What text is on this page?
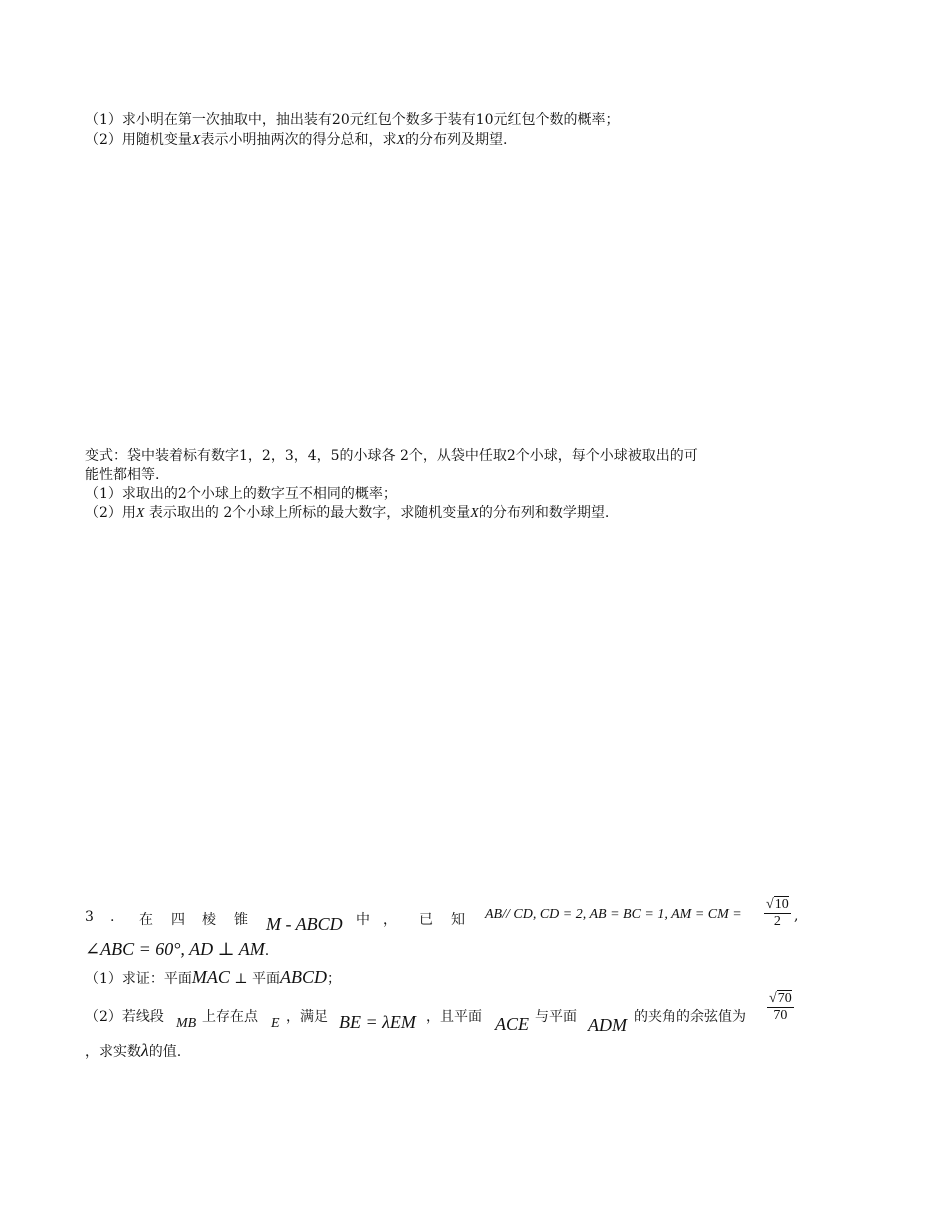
（1）求小明在第一次抽取中，抽出装有20元红包个数多于装有10元红包个数的概率；
（2）用随机变量X表示小明抽两次的得分总和，求X的分布列及期望.
变式：袋中装着标有数字1，2，3，4，5的小球各 2个，从袋中任取2个小球，每个小球被取出的可
能性都相等.
（1）求取出的2个小球上的数字互不相同的概率；
（2）用X 表示取出的 2个小球上所标的最大数字，求随机变量X的分布列和数学期望.
3 . 在 四 棱 锥 M - ABCD 中 ， 已 知 AB// CD, CD = 2, AB = BC = 1, AM = CM = $\frac{√10}{2}$ ,
∠ABC = 60°, AD ⊥ AM.
（1）求证：平面MAC ⊥ 平面ABCD；
（2）若线段 MB 上存在点 E ，满足 BE = λEM ，且平面 ACE 与平面 ADM 的夹角的余弦值为 $\frac{√70}{70}$
，求实数λ的值.
